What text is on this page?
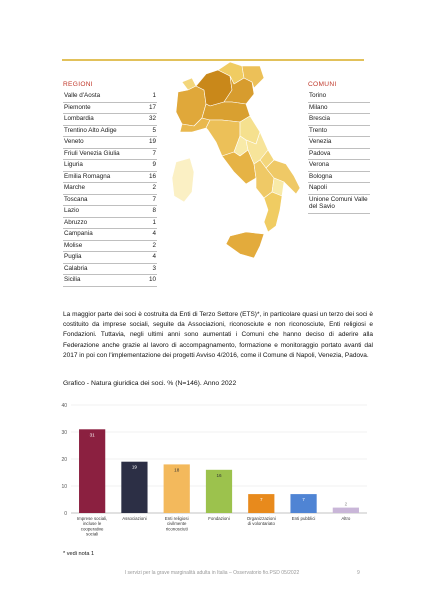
REGIONI
Valle d'Aosta	1
Piemonte	17
Lombardia	32
Trentino Alto Adige	5
Veneto	19
Friuli Venezia Giulia	7
Liguria	9
Emilia Romagna	16
Marche	2
Toscana	7
Lazio	8
Abruzzo	1
Campania	4
Molise	2
Puglia	4
Calabria	3
Sicilia	10
COMUNI
Torino
Milano
Brescia
Trento
Venezia
Padova
Verona
Bologna
Napoli
Unione Comuni Valle del Savio
La maggior parte dei soci è costruita da Enti di Terzo Settore (ETS)*, in particolare quasi un terzo dei soci è costituito da imprese sociali, seguite da Associazioni, riconosciute e non riconosciute, Enti religiosi e Fondazioni. Tuttavia, negli ultimi anni sono aumentati i Comuni che hanno deciso di aderire alla Federazione anche grazie al lavoro di accompagnamento, formazione e monitoraggio portato avanti dal 2017 in poi con l'implementazione dei progetti Avviso 4/2016, come il Comune di Napoli, Venezia, Padova.
Grafico - Natura giuridica dei soci. % (N=146). Anno 2022
0
10
20
30
40
31
Imprese sociali, incluse le cooperative sociali
19
Associazioni
18
Enti religiosi civilmente riconosciuti
16
Fondazioni
7
Organizzazioni di volontariato
7
Enti pubblici
2
Altro
* vedi nota 1
I servizi per la grave marginalità adulta in Italia – Osservatorio fio.PSD 05/2022	9
